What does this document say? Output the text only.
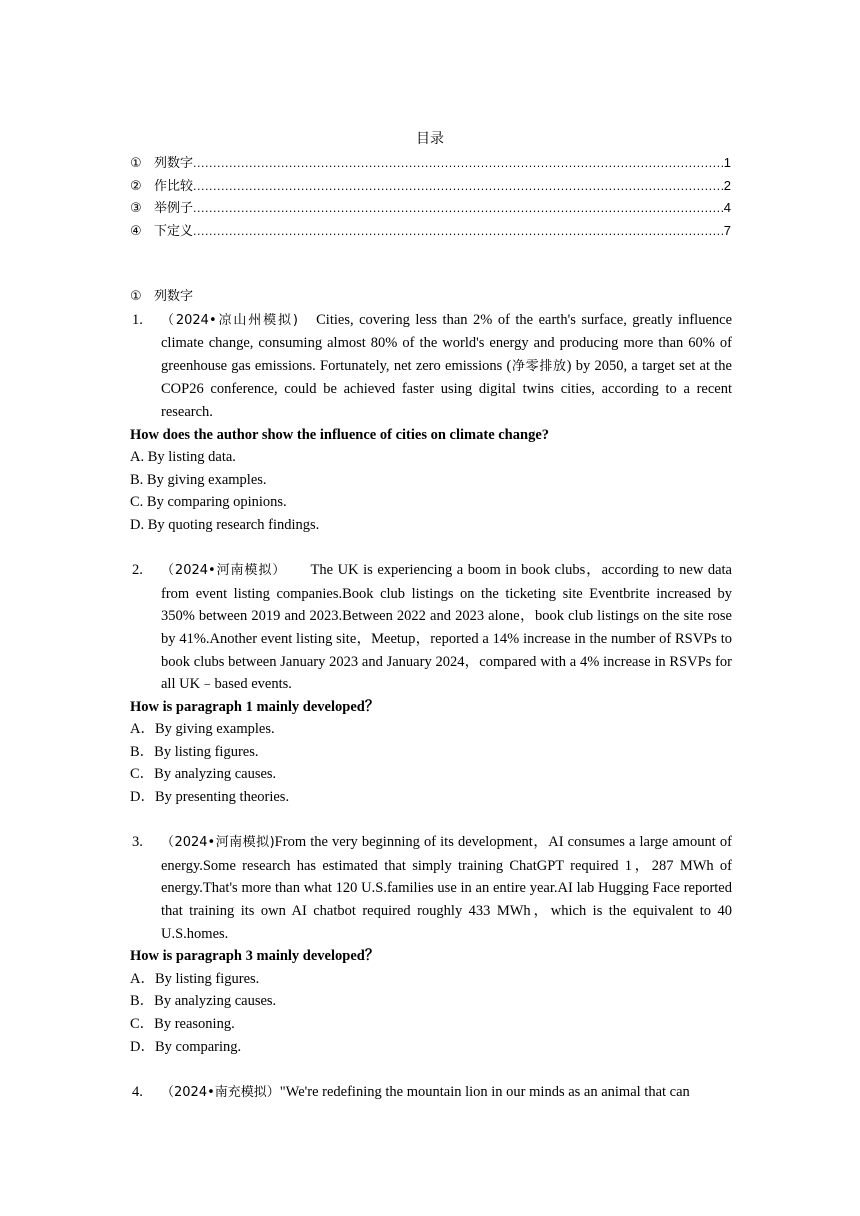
目录
① 列数字 .....	1
② 作比较 .....	2
③ 举例子 .....	4
④ 下定义 .....	7
① 列数字
1. （2024•凉山州模拟)　Cities, covering less than 2% of the earth's surface, greatly influence climate change, consuming almost 80% of the world's energy and producing more than 60% of greenhouse gas emissions. Fortunately, net zero emissions (净零排放) by 2050, a target set at the COP26 conference, could be achieved faster using digital twins cities, according to a recent research.
How does the author show the influence of cities on climate change?
A. By listing data.
B. By giving examples.
C. By comparing opinions.
D. By quoting research findings.
2. （2024•河南模拟）　　The UK is experiencing a boom in book clubs，according to new data from event listing companies.Book club listings on the ticketing site Eventbrite increased by 350% between 2019 and 2023.Between 2022 and 2023 alone，book club listings on the site rose by 41%.Another event listing site，Meetup，reported a 14% increase in the number of RSVPs to book clubs between January 2023 and January 2024，compared with a 4% increase in RSVPs for all UK﹣based events.
How is paragraph 1 mainly developed？
A．By giving examples.
B．By listing figures.
C．By analyzing causes.
D．By presenting theories.
3. （2024•河南模拟)From the very beginning of its development，AI consumes a large amount of energy.Some research has estimated that simply training ChatGPT required 1，287 MWh of energy.That's more than what 120 U.S.families use in an entire year.AI lab Hugging Face reported that training its own AI chatbot required roughly 433 MWh，which is the equivalent to 40 U.S.homes.
How is paragraph 3 mainly developed？
A．By listing figures.
B．By analyzing causes.
C．By reasoning.
D．By comparing.
4. （2024•南充模拟）"We're redefining the mountain lion in our minds as an animal that can
